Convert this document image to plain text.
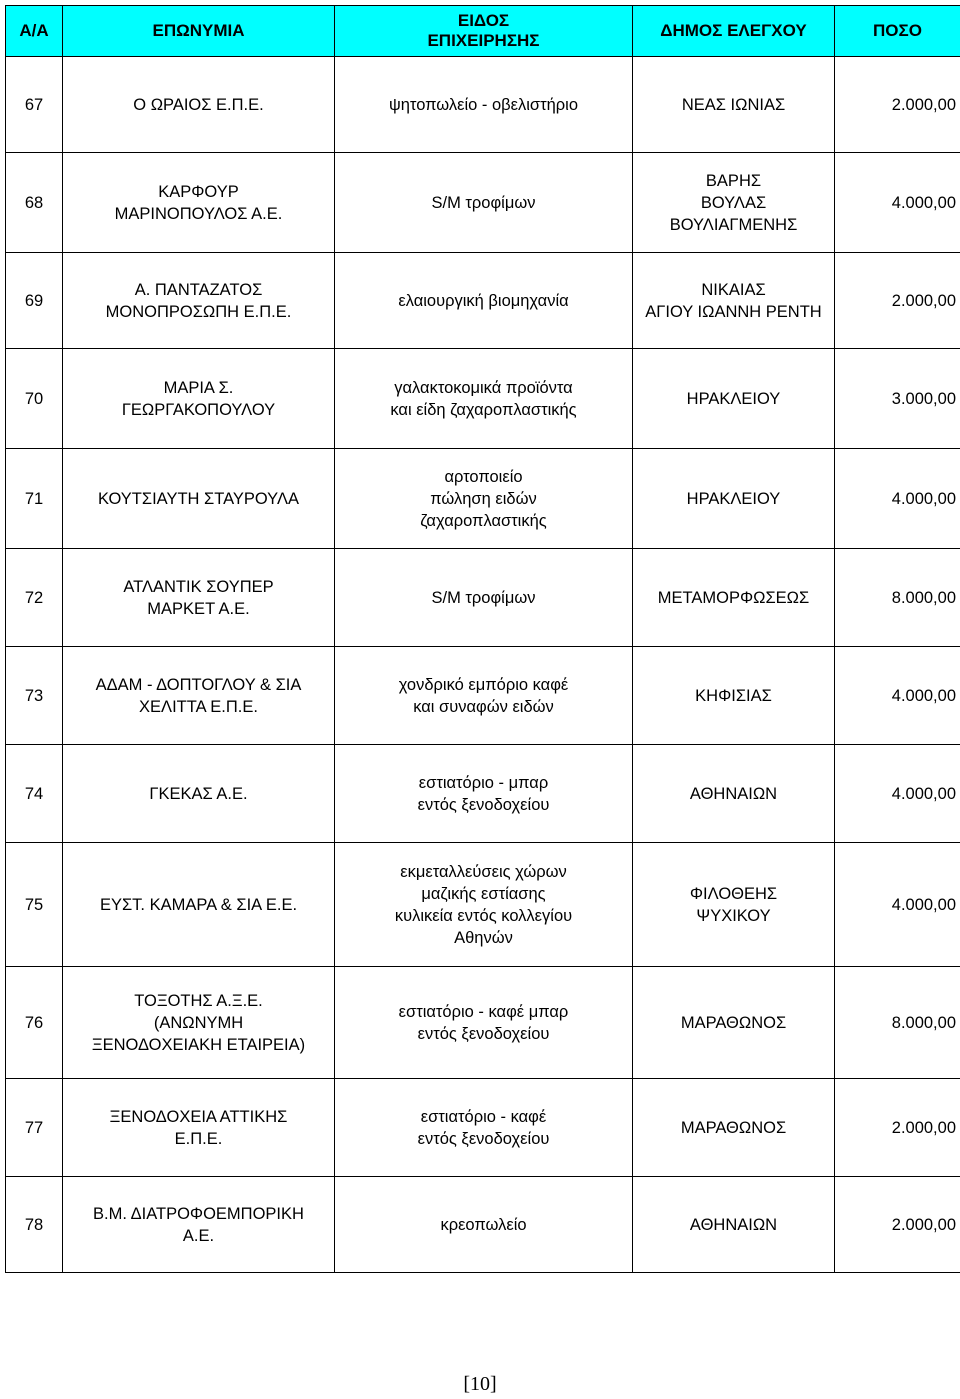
Α/Α	ΕΠΩΝΥΜΙΑ	ΕΙΔΟΣ
ΕΠΙΧΕΙΡΗΣΗΣ	ΔΗΜΟΣ ΕΛΕΓΧΟΥ	ΠΟΣΟ
67	Ο ΩΡΑΙΟΣ Ε.Π.Ε.	ψητοπωλείο - οβελιστήριο	ΝΕΑΣ ΙΩΝΙΑΣ	2.000,00
68	ΚΑΡΦΟΥΡ
ΜΑΡΙΝΟΠΟΥΛΟΣ Α.Ε.	S/M τροφίμων	ΒΑΡΗΣ
ΒΟΥΛΑΣ
ΒΟΥΛΙΑΓΜΕΝΗΣ	4.000,00
69	Α. ΠΑΝΤΑΖΑΤΟΣ
ΜΟΝΟΠΡΟΣΩΠΗ Ε.Π.Ε.	ελαιουργική βιομηχανία	ΝΙΚΑΙΑΣ
ΑΓΙΟΥ ΙΩΑΝΝΗ ΡΕΝΤΗ	2.000,00
70	ΜΑΡΙΑ Σ.
ΓΕΩΡΓΑΚΟΠΟΥΛΟΥ	γαλακτοκομικά προϊόντα
και είδη ζαχαροπλαστικής	ΗΡΑΚΛΕΙΟΥ	3.000,00
71	ΚΟΥΤΣΙΑΥΤΗ ΣΤΑΥΡΟΥΛΑ	αρτοποιείο
πώληση ειδών
ζαχαροπλαστικής	ΗΡΑΚΛΕΙΟΥ	4.000,00
72	ΑΤΛΑΝΤΙΚ ΣΟΥΠΕΡ
ΜΑΡΚΕΤ Α.Ε.	S/M τροφίμων	ΜΕΤΑΜΟΡΦΩΣΕΩΣ	8.000,00
73	ΑΔΑΜ - ΔΟΠΤΟΓΛΟΥ & ΣΙΑ
ΧΕΛΙΤΤΑ Ε.Π.Ε.	χονδρικό εμπόριο καφέ
και συναφών ειδών	ΚΗΦΙΣΙΑΣ	4.000,00
74	ΓΚΕΚΑΣ Α.Ε.	εστιατόριο - μπαρ
εντός ξενοδοχείου	ΑΘΗΝΑΙΩΝ	4.000,00
75	ΕΥΣΤ. ΚΑΜΑΡΑ & ΣΙΑ Ε.Ε.	εκμεταλλεύσεις χώρων
μαζικής εστίασης
κυλικεία εντός κολλεγίου
Αθηνών	ΦΙΛΟΘΕΗΣ
ΨΥΧΙΚΟΥ	4.000,00
76	ΤΟΞΟΤΗΣ Α.Ξ.Ε.
(ΑΝΩΝΥΜΗ
ΞΕΝΟΔΟΧΕΙΑΚΗ ΕΤΑΙΡΕΙΑ)	εστιατόριο - καφέ μπαρ
εντός ξενοδοχείου	ΜΑΡΑΘΩΝΟΣ	8.000,00
77	ΞΕΝΟΔΟΧΕΙΑ ΑΤΤΙΚΗΣ
Ε.Π.Ε.	εστιατόριο - καφέ
εντός ξενοδοχείου	ΜΑΡΑΘΩΝΟΣ	2.000,00
78	Β.Μ. ΔΙΑΤΡΟΦΟΕΜΠΟΡΙΚΗ
Α.Ε.	κρεοπωλείο	ΑΘΗΝΑΙΩΝ	2.000,00
[10]
